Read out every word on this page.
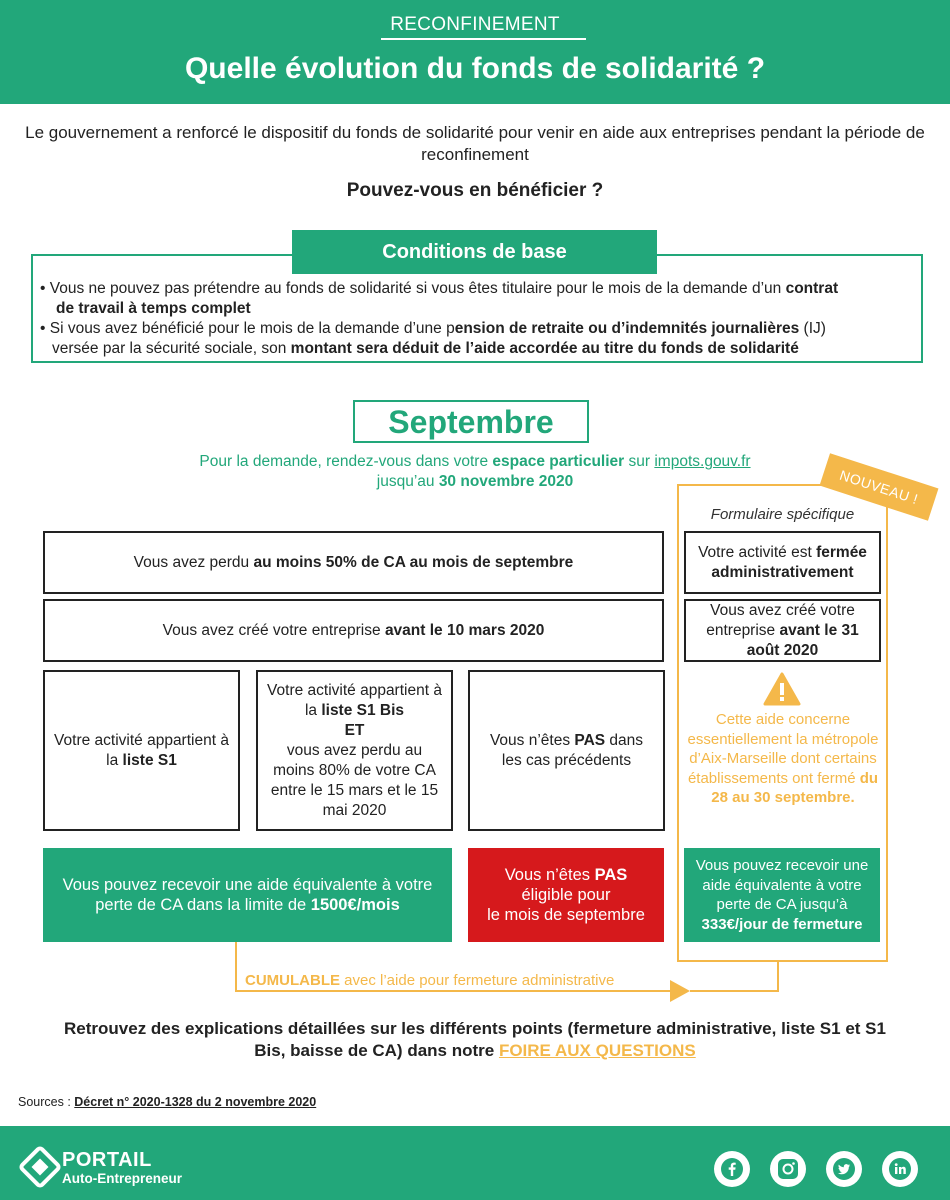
RECONFINEMENT
Quelle évolution du fonds de solidarité ?
Le gouvernement a renforcé le dispositif du fonds de solidarité pour venir en aide aux entreprises pendant la période de reconfinement
Pouvez-vous en bénéficier ?
Conditions de base

• Vous ne pouvez pas prétendre au fonds de solidarité si vous êtes titulaire pour le mois de la demande d’un contrat

de travail à temps complet

• Si vous avez bénéficié pour le mois de la demande d’une pension de retraite ou d’indemnités journalières (IJ)

versée par la sécurité sociale, son montant sera déduit de l’aide accordée au titre du fonds de solidarité

Septembre
Pour la demande, rendez-vous dans votre espace particulier sur impots.gouv.fr
jusqu’au 30 novembre 2020	NOUVEAU !
Formulaire spécifique
Vous avez perdu au moins 50% de CA au mois de septembre
Vous avez créé votre entreprise avant le 10 mars 2020
Votre activité appartient à la liste S1
Votre activité appartient à la liste S1 Bis
ET
vous avez perdu au moins 80% de votre CA entre le 15 mars et le 15 mai 2020
Vous n’êtes PAS dans les cas précédents
Vous pouvez recevoir une aide équivalente à votre perte de CA dans la limite de 1500€/mois
Vous n’êtes PAS
éligible pour
le mois de septembre
Votre activité est fermée administrativement
Vous avez créé votre entreprise avant le 31 août 2020
Cette aide concerne essentiellement la métropole d’Aix-Marseille dont certains établissements ont fermé du 28 au 30 septembre.
Vous pouvez recevoir une aide équivalente à votre perte de CA jusqu’à 333€/jour de fermeture
CUMULABLE avec l’aide pour fermeture administrative
Retrouvez des explications détaillées sur les différents points (fermeture administrative, liste S1 et S1 Bis, baisse de CA) dans notre FOIRE AUX QUESTIONS
Sources : Décret n° 2020-1328 du 2 novembre 2020
PORTAIL
Auto-Entrepreneur
